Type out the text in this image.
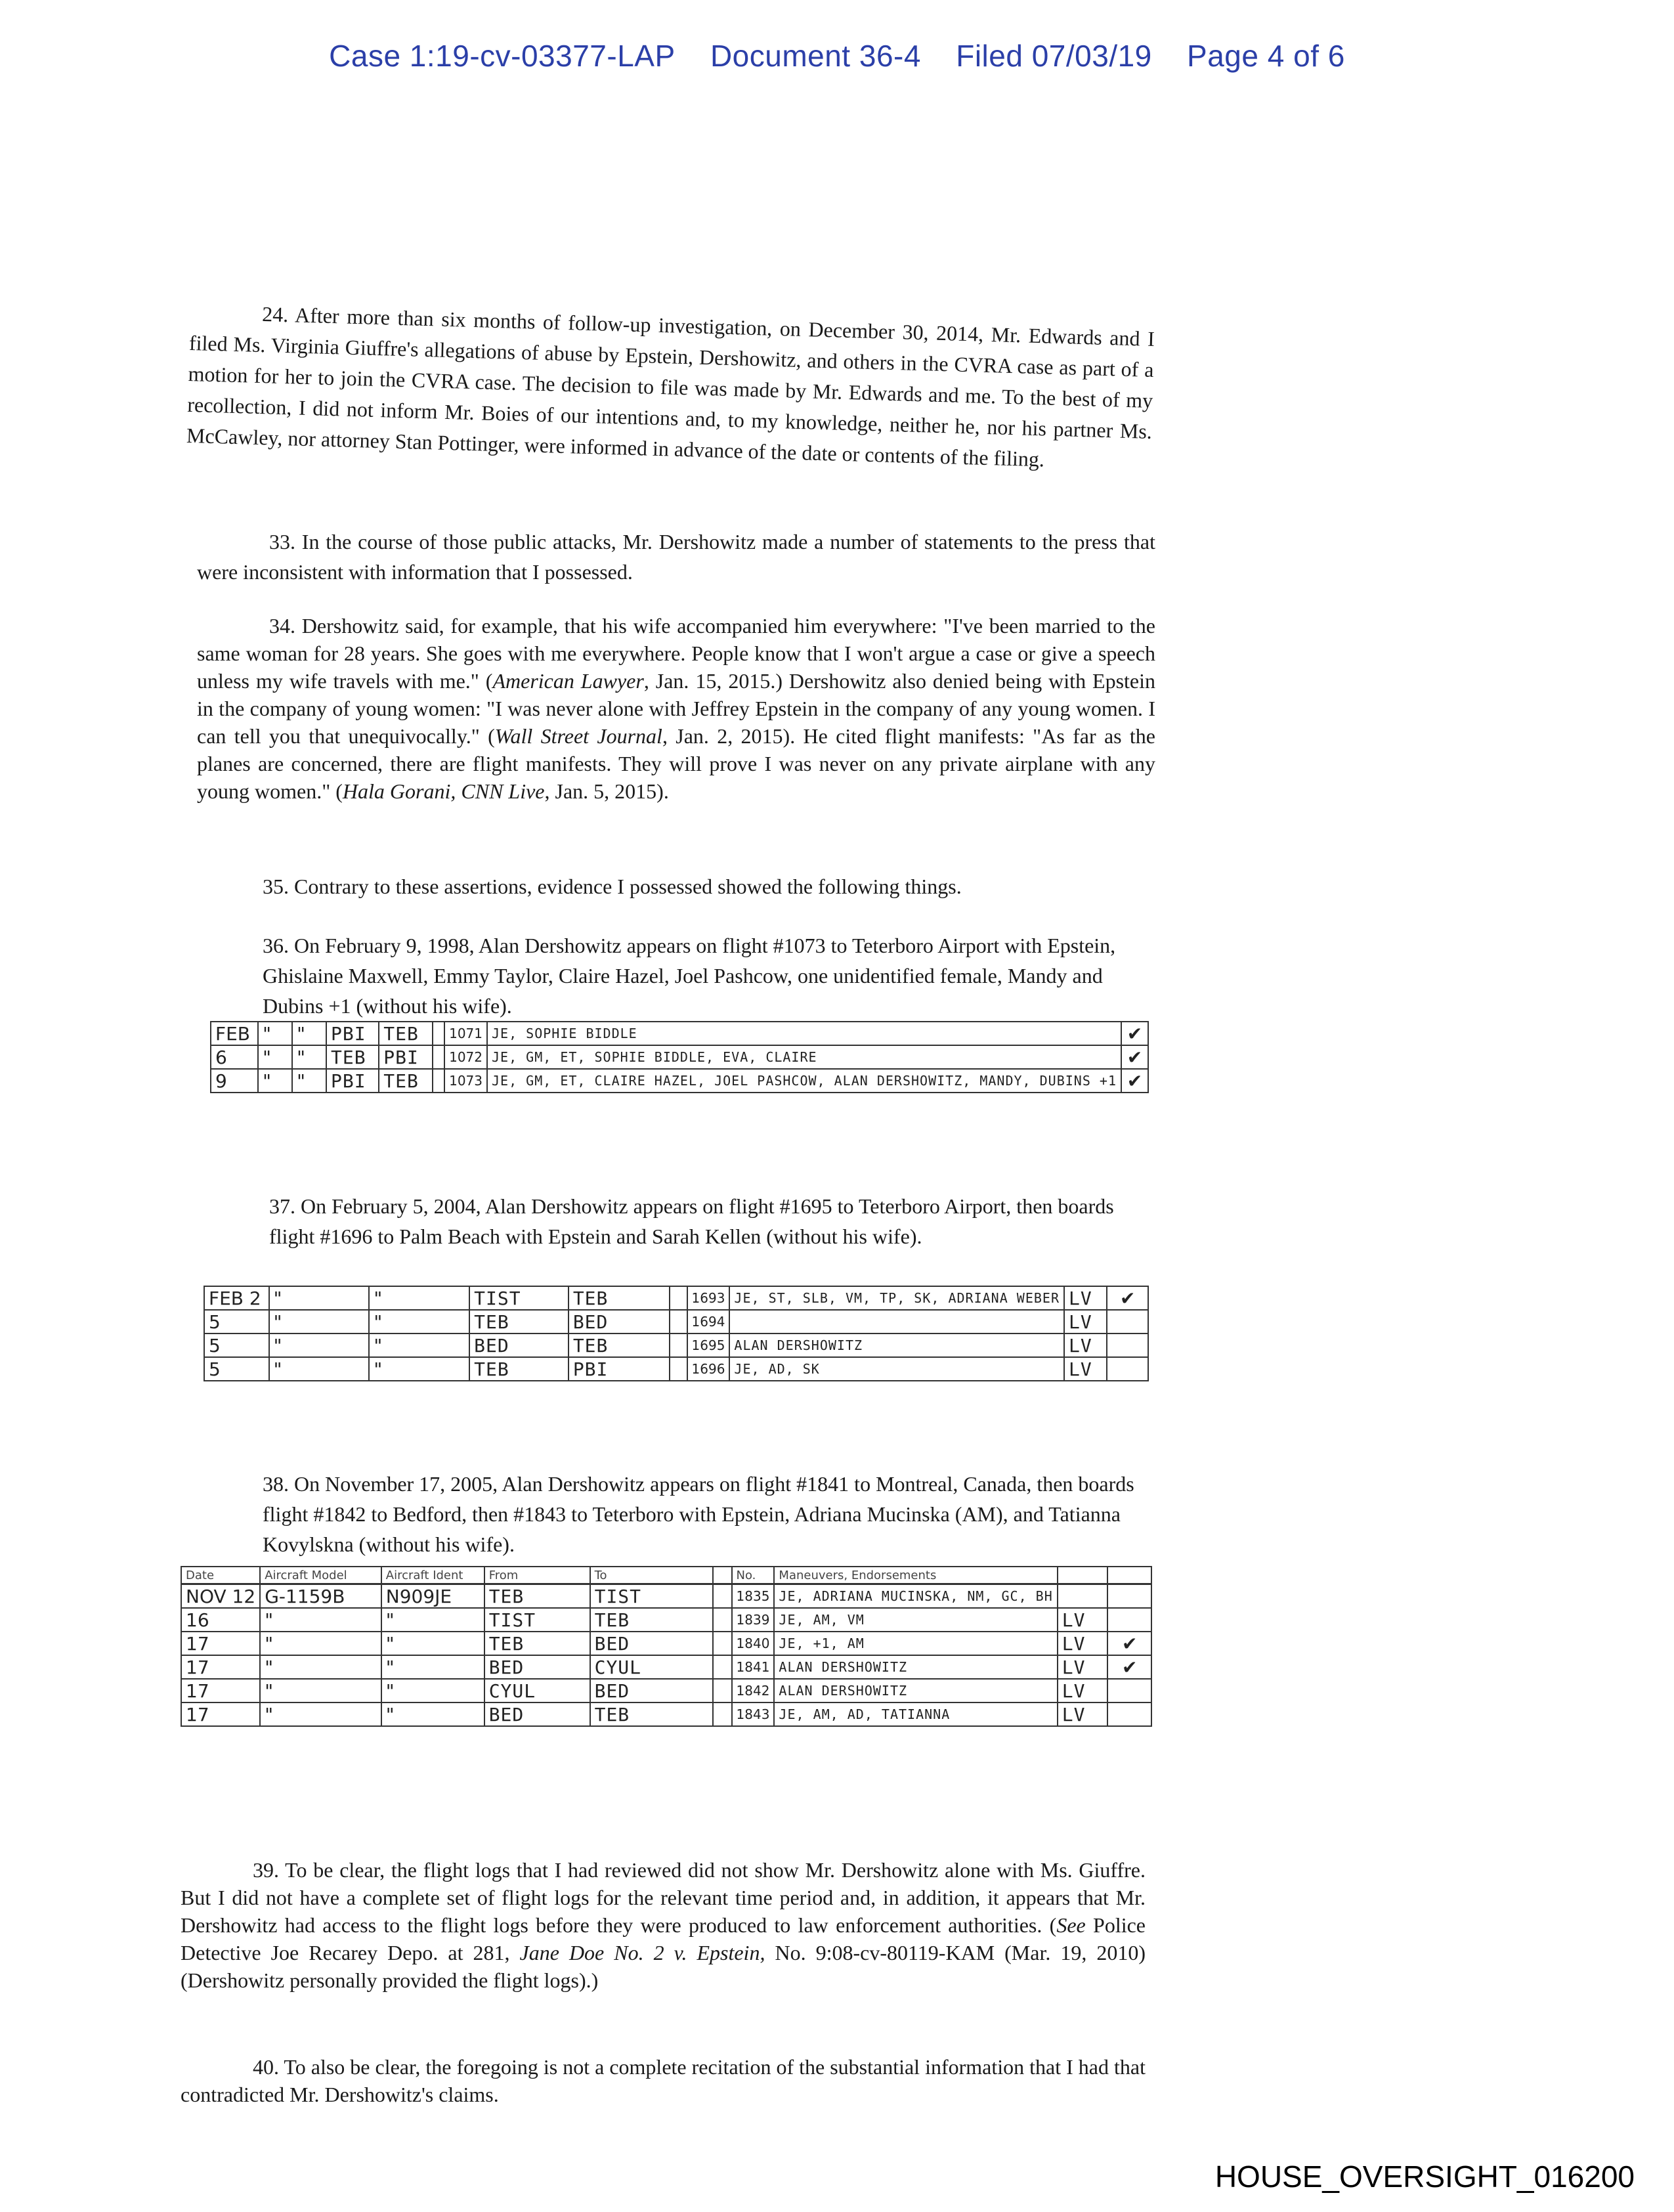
Case 1:19-cv-03377-LAP Document 36-4 Filed 07/03/19 Page 4 of 6

24. After more than six months of follow-up investigation, on December 30, 2014, Mr. Edwards and I filed Ms. Virginia Giuffre's allegations of abuse by Epstein, Dershowitz, and others in the CVRA case as part of a motion for her to join the CVRA case. The decision to file was made by Mr. Edwards and me. To the best of my recollection, I did not inform Mr. Boies of our intentions and, to my knowledge, neither he, nor his partner Ms. McCawley, nor attorney Stan Pottinger, were informed in advance of the date or contents of the filing.

33. In the course of those public attacks, Mr. Dershowitz made a number of statements to the press that were inconsistent with information that I possessed.

34. Dershowitz said, for example, that his wife accompanied him everywhere: "I've been married to the same woman for 28 years. She goes with me everywhere. People know that I won't argue a case or give a speech unless my wife travels with me." (American Lawyer, Jan. 15, 2015.) Dershowitz also denied being with Epstein in the company of young women: "I was never alone with Jeffrey Epstein in the company of any young women. I can tell you that unequivocally." (Wall Street Journal, Jan. 2, 2015). He cited flight manifests: "As far as the planes are concerned, there are flight manifests. They will prove I was never on any private airplane with any young women." (Hala Gorani, CNN Live, Jan. 5, 2015).

35. Contrary to these assertions, evidence I possessed showed the following things.

36. On February 9, 1998, Alan Dershowitz appears on flight #1073 to Teterboro Airport with Epstein, Ghislaine Maxwell, Emmy Taylor, Claire Hazel, Joel Pashcow, one unidentified female, Mandy and Dubins +1 (without his wife).

FEB	"	"	PBI	TEB		1071	JE, SOPHIE BIDDLE	✔
6	"	"	TEB	PBI		1072	JE, GM, ET, SOPHIE BIDDLE, EVA, CLAIRE	✔
9	"	"	PBI	TEB		1073	JE, GM, ET, CLAIRE HAZEL, JOEL PASHCOW, ALAN DERSHOWITZ, MANDY, DUBINS +1	✔

37. On February 5, 2004, Alan Dershowitz appears on flight #1695 to Teterboro Airport, then boards flight #1696 to Palm Beach with Epstein and Sarah Kellen (without his wife).

FEB 2	"	"	TIST	TEB		1693	JE, ST, SLB, VM, TP, SK, ADRIANA WEBER	LV	✔
5	"	"	TEB	BED		1694		LV	
5	"	"	BED	TEB		1695	ALAN DERSHOWITZ	LV	
5	"	"	TEB	PBI		1696	JE, AD, SK	LV	

38. On November 17, 2005, Alan Dershowitz appears on flight #1841 to Montreal, Canada, then boards flight #1842 to Bedford, then #1843 to Teterboro with Epstein, Adriana Mucinska (AM), and Tatianna Kovylskna (without his wife).

Date	Aircraft Model	Aircraft Ident	From	To		No.	Maneuvers, Endorsements		
NOV 12	G-1159B	N909JE	TEB	TIST		1835	JE, ADRIANA MUCINSKA, NM, GC, BH		
16	"	"	TIST	TEB		1839	JE, AM, VM	LV	
17	"	"	TEB	BED		1840	JE, +1, AM	LV	✔
17	"	"	BED	CYUL		1841	ALAN DERSHOWITZ	LV	✔
17	"	"	CYUL	BED		1842	ALAN DERSHOWITZ	LV	
17	"	"	BED	TEB		1843	JE, AM, AD, TATIANNA	LV	

39. To be clear, the flight logs that I had reviewed did not show Mr. Dershowitz alone with Ms. Giuffre. But I did not have a complete set of flight logs for the relevant time period and, in addition, it appears that Mr. Dershowitz had access to the flight logs before they were produced to law enforcement authorities. (See Police Detective Joe Recarey Depo. at 281, Jane Doe No. 2 v. Epstein, No. 9:08-cv-80119-KAM (Mar. 19, 2010) (Dershowitz personally provided the flight logs).)

40. To also be clear, the foregoing is not a complete recitation of the substantial information that I had that contradicted Mr. Dershowitz's claims.

HOUSE_OVERSIGHT_016200
